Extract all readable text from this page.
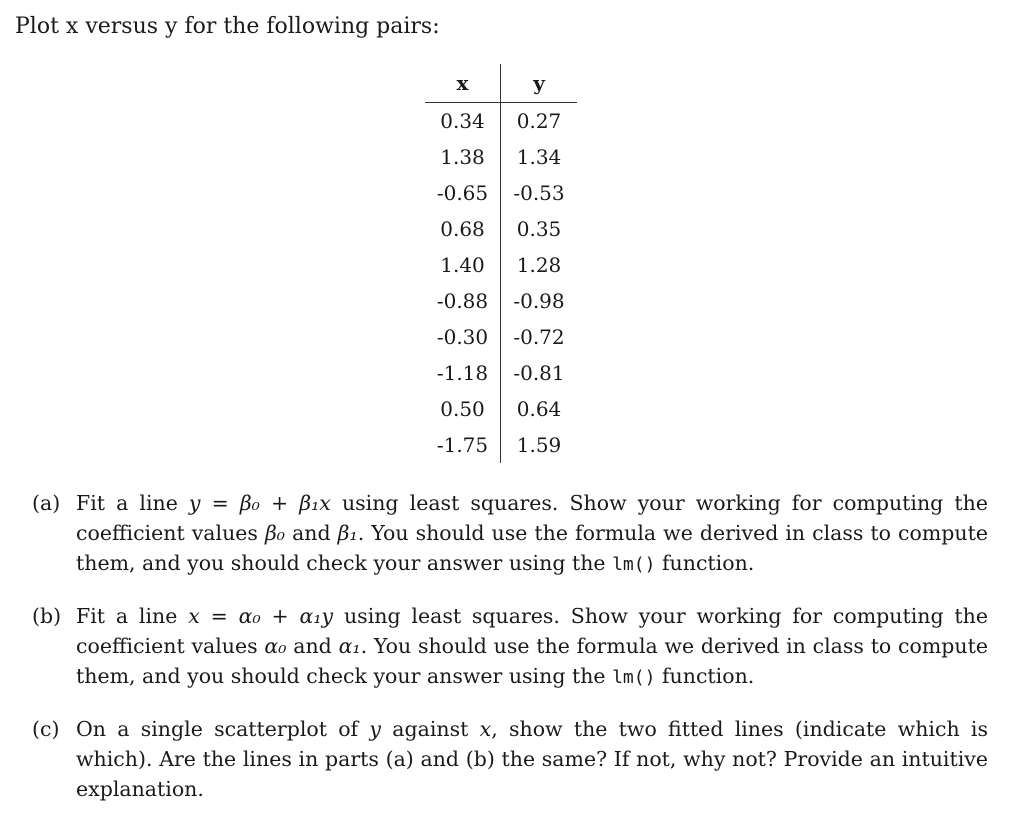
Plot x versus y for the following pairs:

x	y
0.34	0.27
1.38	1.34
-0.65	-0.53
0.68	0.35
1.40	1.28
-0.88	-0.98
-0.30	-0.72
-1.18	-0.81
0.50	0.64
-1.75	1.59
(a) Fit a line y = β₀ + β₁x using least squares. Show your working for computing the coefficient values β₀ and β₁. You should use the formula we derived in class to compute them, and you should check your answer using the lm() function.
(b) Fit a line x = α₀ + α₁y using least squares. Show your working for computing the coefficient values α₀ and α₁. You should use the formula we derived in class to compute them, and you should check your answer using the lm() function.
(c) On a single scatterplot of y against x, show the two fitted lines (indicate which is which). Are the lines in parts (a) and (b) the same? If not, why not? Provide an intuitive explanation.
